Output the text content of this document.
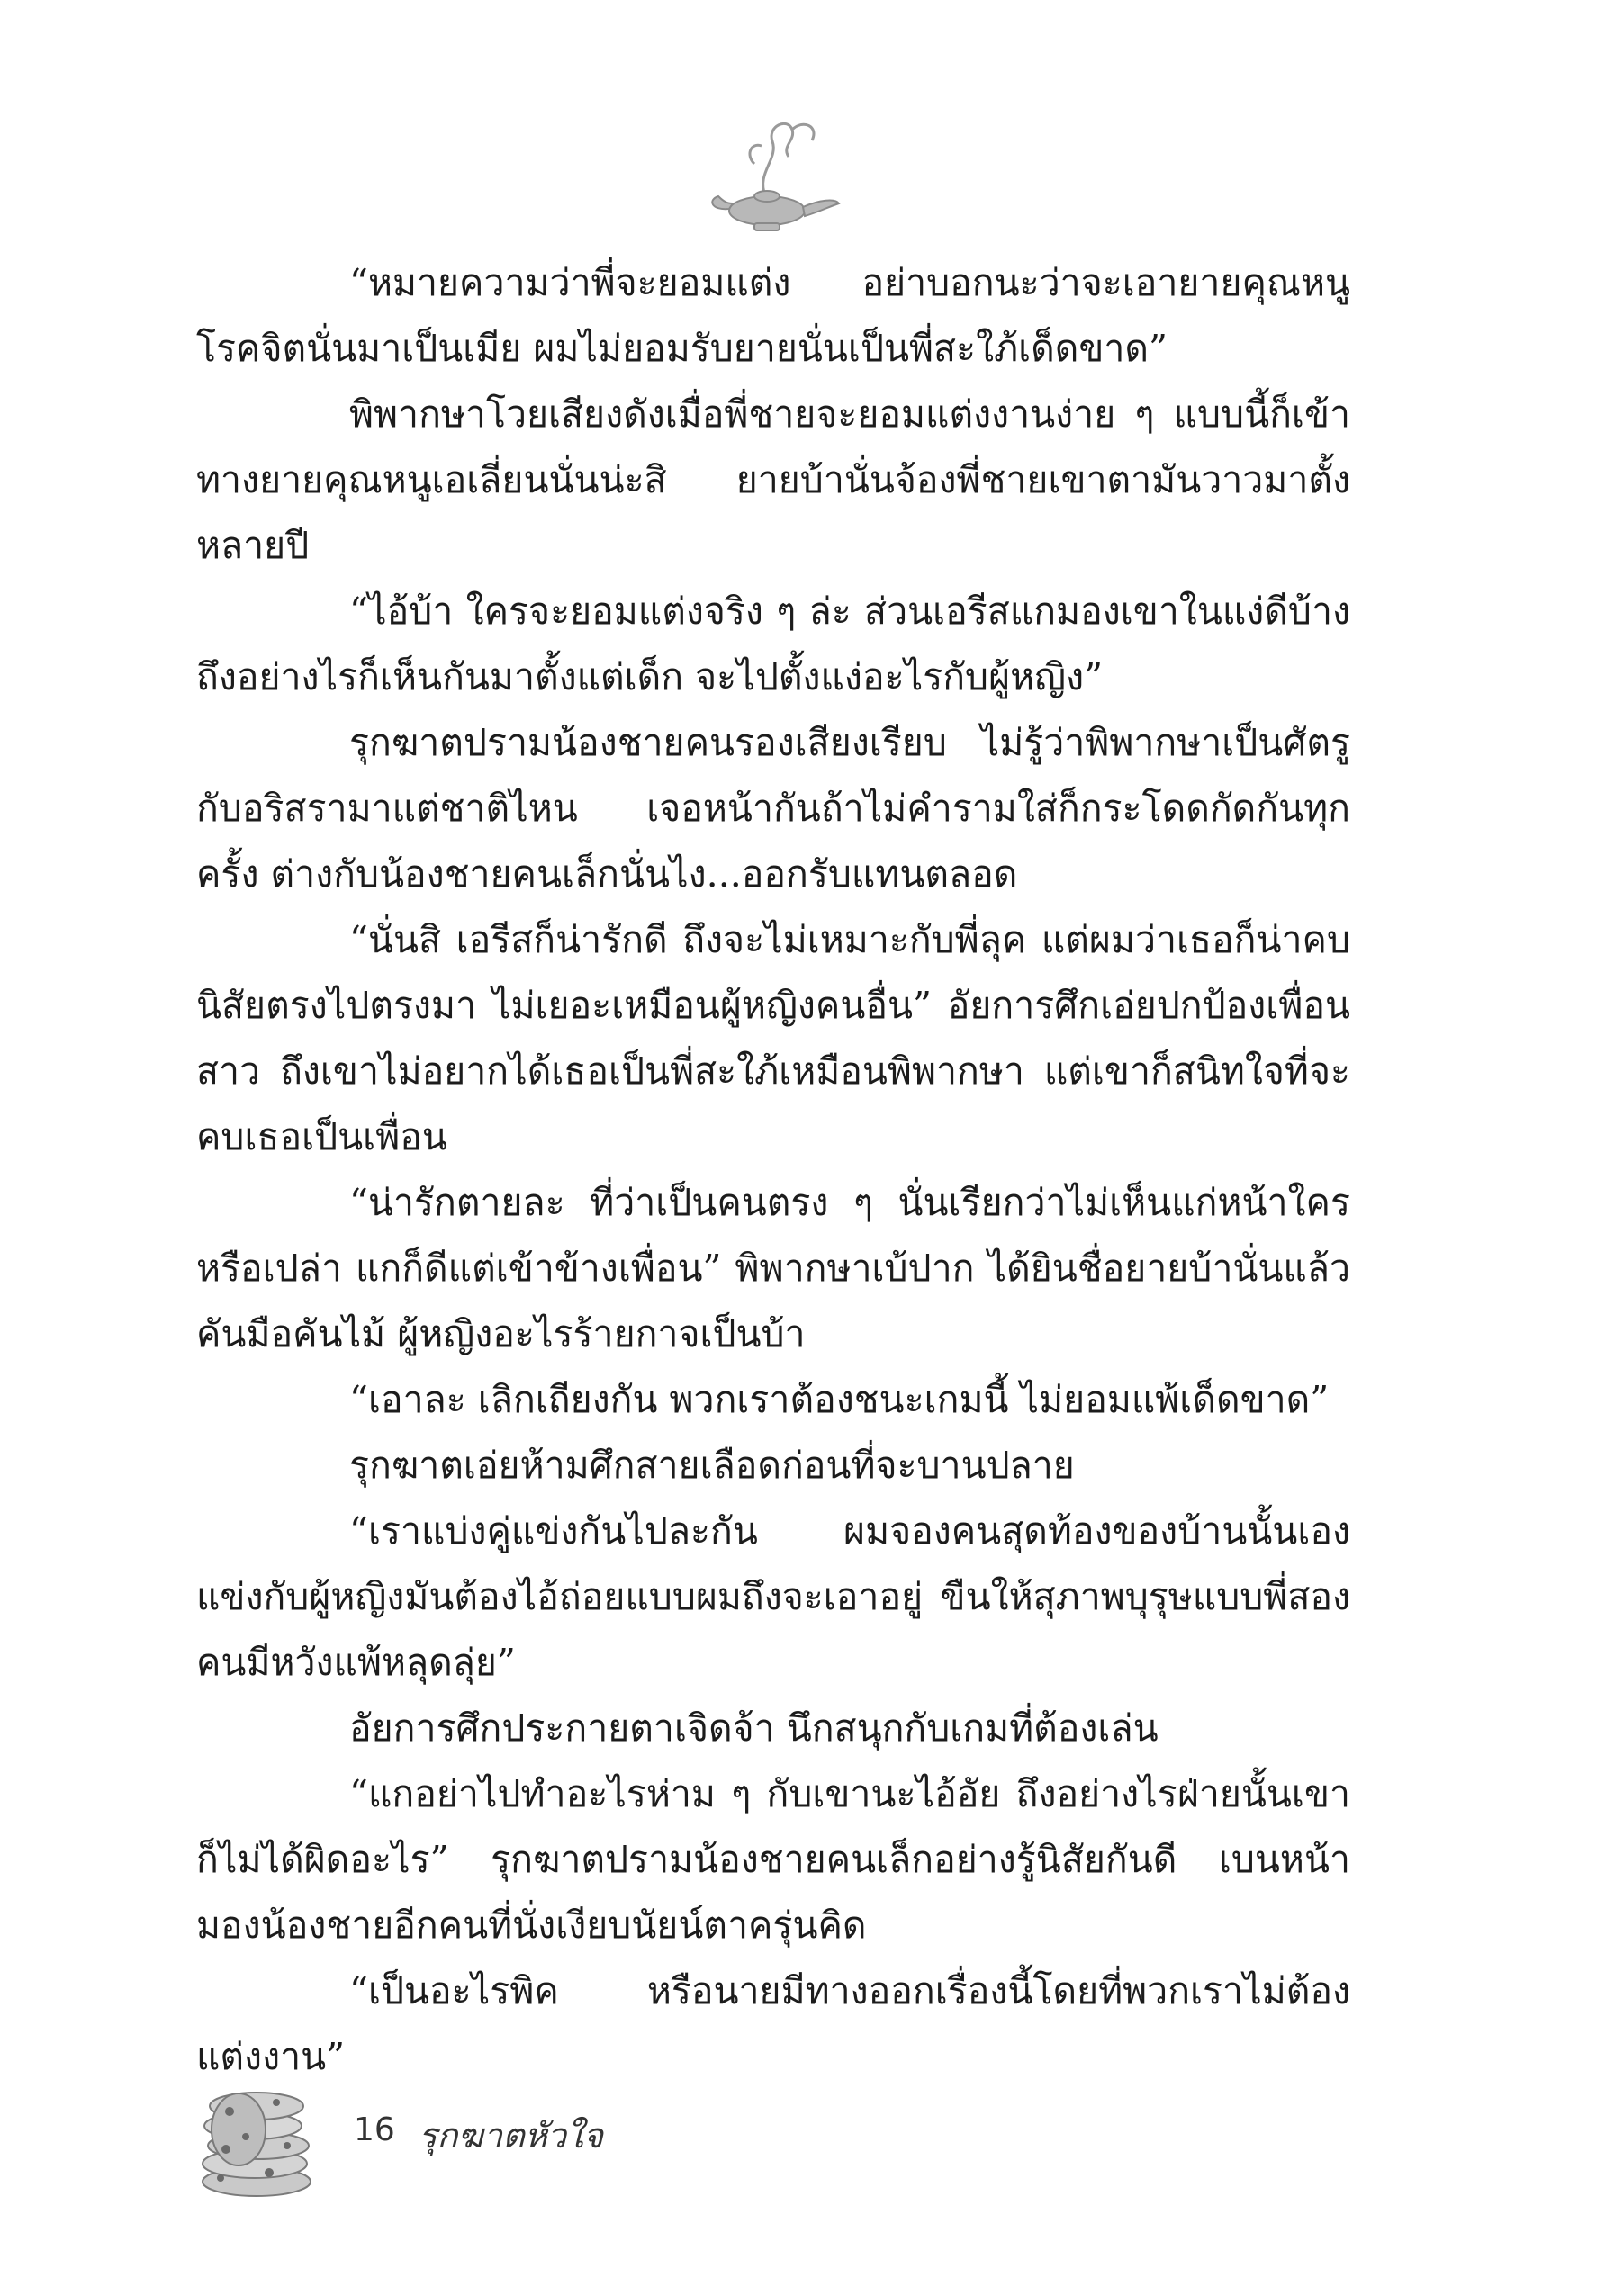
“หมายความว่าพี่จะยอมแต่ง อย่าบอกนะว่าจะเอายายคุณหนูโรคจิตนั่นมาเป็นเมีย ผมไม่ยอมรับยายนั่นเป็นพี่สะใภ้เด็ดขาด”

พิพากษาโวยเสียงดังเมื่อพี่ชายจะยอมแต่งงานง่าย ๆ แบบนี้ก็เข้าทางยายคุณหนูเอเลี่ยนนั่นน่ะสิ ยายบ้านั่นจ้องพี่ชายเขาตามันวาวมาตั้งหลายปี

“ไอ้บ้า ใครจะยอมแต่งจริง ๆ ล่ะ ส่วนเอรีสแกมองเขาในแง่ดีบ้าง ถึงอย่างไรก็เห็นกันมาตั้งแต่เด็ก จะไปตั้งแง่อะไรกับผู้หญิง”

รุกฆาตปรามน้องชายคนรองเสียงเรียบ ไม่รู้ว่าพิพากษาเป็นศัตรูกับอริสรามาแต่ชาติไหน เจอหน้ากันถ้าไม่คำรามใส่ก็กระโดดกัดกันทุกครั้ง ต่างกับน้องชายคนเล็กนั่นไง...ออกรับแทนตลอด

“นั่นสิ เอรีสก็น่ารักดี ถึงจะไม่เหมาะกับพี่ลุค แต่ผมว่าเธอก็น่าคบ นิสัยตรงไปตรงมา ไม่เยอะเหมือนผู้หญิงคนอื่น” อัยการศึกเอ่ยปกป้องเพื่อนสาว ถึงเขาไม่อยากได้เธอเป็นพี่สะใภ้เหมือนพิพากษา แต่เขาก็สนิทใจที่จะคบเธอเป็นเพื่อน

“น่ารักตายละ ที่ว่าเป็นคนตรง ๆ นั่นเรียกว่าไม่เห็นแก่หน้าใครหรือเปล่า แกก็ดีแต่เข้าข้างเพื่อน” พิพากษาเบ้ปาก ได้ยินชื่อยายบ้านั่นแล้วคันมือคันไม้ ผู้หญิงอะไรร้ายกาจเป็นบ้า

“เอาละ เลิกเถียงกัน พวกเราต้องชนะเกมนี้ ไม่ยอมแพ้เด็ดขาด”

รุกฆาตเอ่ยห้ามศึกสายเลือดก่อนที่จะบานปลาย

“เราแบ่งคู่แข่งกันไปละกัน ผมจองคนสุดท้องของบ้านนั้นเอง แข่งกับผู้หญิงมันต้องไอ้ถ่อยแบบผมถึงจะเอาอยู่ ขืนให้สุภาพบุรุษแบบพี่สองคนมีหวังแพ้หลุดลุ่ย”

อัยการศึกประกายตาเจิดจ้า นึกสนุกกับเกมที่ต้องเล่น

“แกอย่าไปทำอะไรห่าม ๆ กับเขานะไอ้อัย ถึงอย่างไรฝ่ายนั้นเขาก็ไม่ได้ผิดอะไร” รุกฆาตปรามน้องชายคนเล็กอย่างรู้นิสัยกันดี เบนหน้ามองน้องชายอีกคนที่นั่งเงียบนัยน์ตาครุ่นคิด

“เป็นอะไรพิค หรือนายมีทางออกเรื่องนี้โดยที่พวกเราไม่ต้องแต่งงาน”

16 รุกฆาตหัวใจ
